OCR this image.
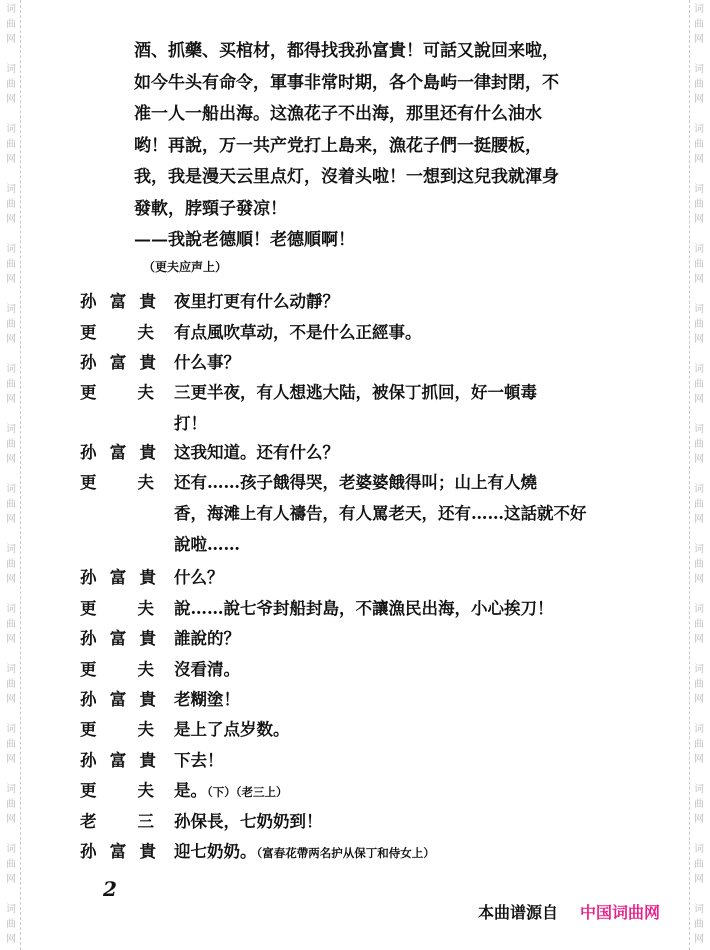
词
曲
网
词
曲
网
词
曲
网
词
曲
网
词
曲
网
词
曲
网
词
曲
网
词
曲
网
词
曲
网
词
曲
网
词
曲
网
词
曲
网
词
曲
网
词
曲
网
词
曲
网
词
曲
网
词
曲
网
词
曲
网
词
曲
网
词
曲
网
词
曲
网
词
曲
网
词
曲
网
词
曲
网
词
曲
网
词
曲
网
词
曲
网
词
曲
网
词
曲
网
词
曲
网
词
曲
网
词
曲
网

酒、抓藥、买棺材，都得找我孙富貴！可話又說回来啦，

如今牛头有命令，軍事非常时期，各个島屿一律封閉，不

准一人一船出海。这漁花子不出海，那里还有什么油水

哟！再說，万一共产党打上島来，漁花子們一挺腰板，

我，我是漫天云里点灯，沒着头啦！一想到这兒我就渾身

發軟，脖頸子發凉！

——我說老德順！老德順啊！

（更夫应声上）
孙 富 貴 夜里打更有什么动靜？
更 夫 有点風吹草动，不是什么正經事。
孙 富 貴 什么事？
更 夫 三更半夜，有人想逃大陆，被保丁抓回，好一頓毒
打！
孙 富 貴 这我知道。还有什么？
更 夫 还有……孩子餓得哭，老婆婆餓得叫；山上有人燒
香，海滩上有人禱告，有人罵老天，还有……这話就不好
說啦……
孙 富 貴 什么？
更 夫 說……說七爷封船封島，不讓漁民出海，小心挨刀！
孙 富 貴 誰說的？
更 夫 沒看清。
孙 富 貴 老糊塗！
更 夫 是上了点岁数。
孙 富 貴 下去！
更 夫 是。（下）（老三上）
老 三 孙保長，七奶奶到！
孙 富 貴 迎七奶奶。（富春花帶两名护从保丁和侍女上）
2
本曲谱源自 中国词曲网
